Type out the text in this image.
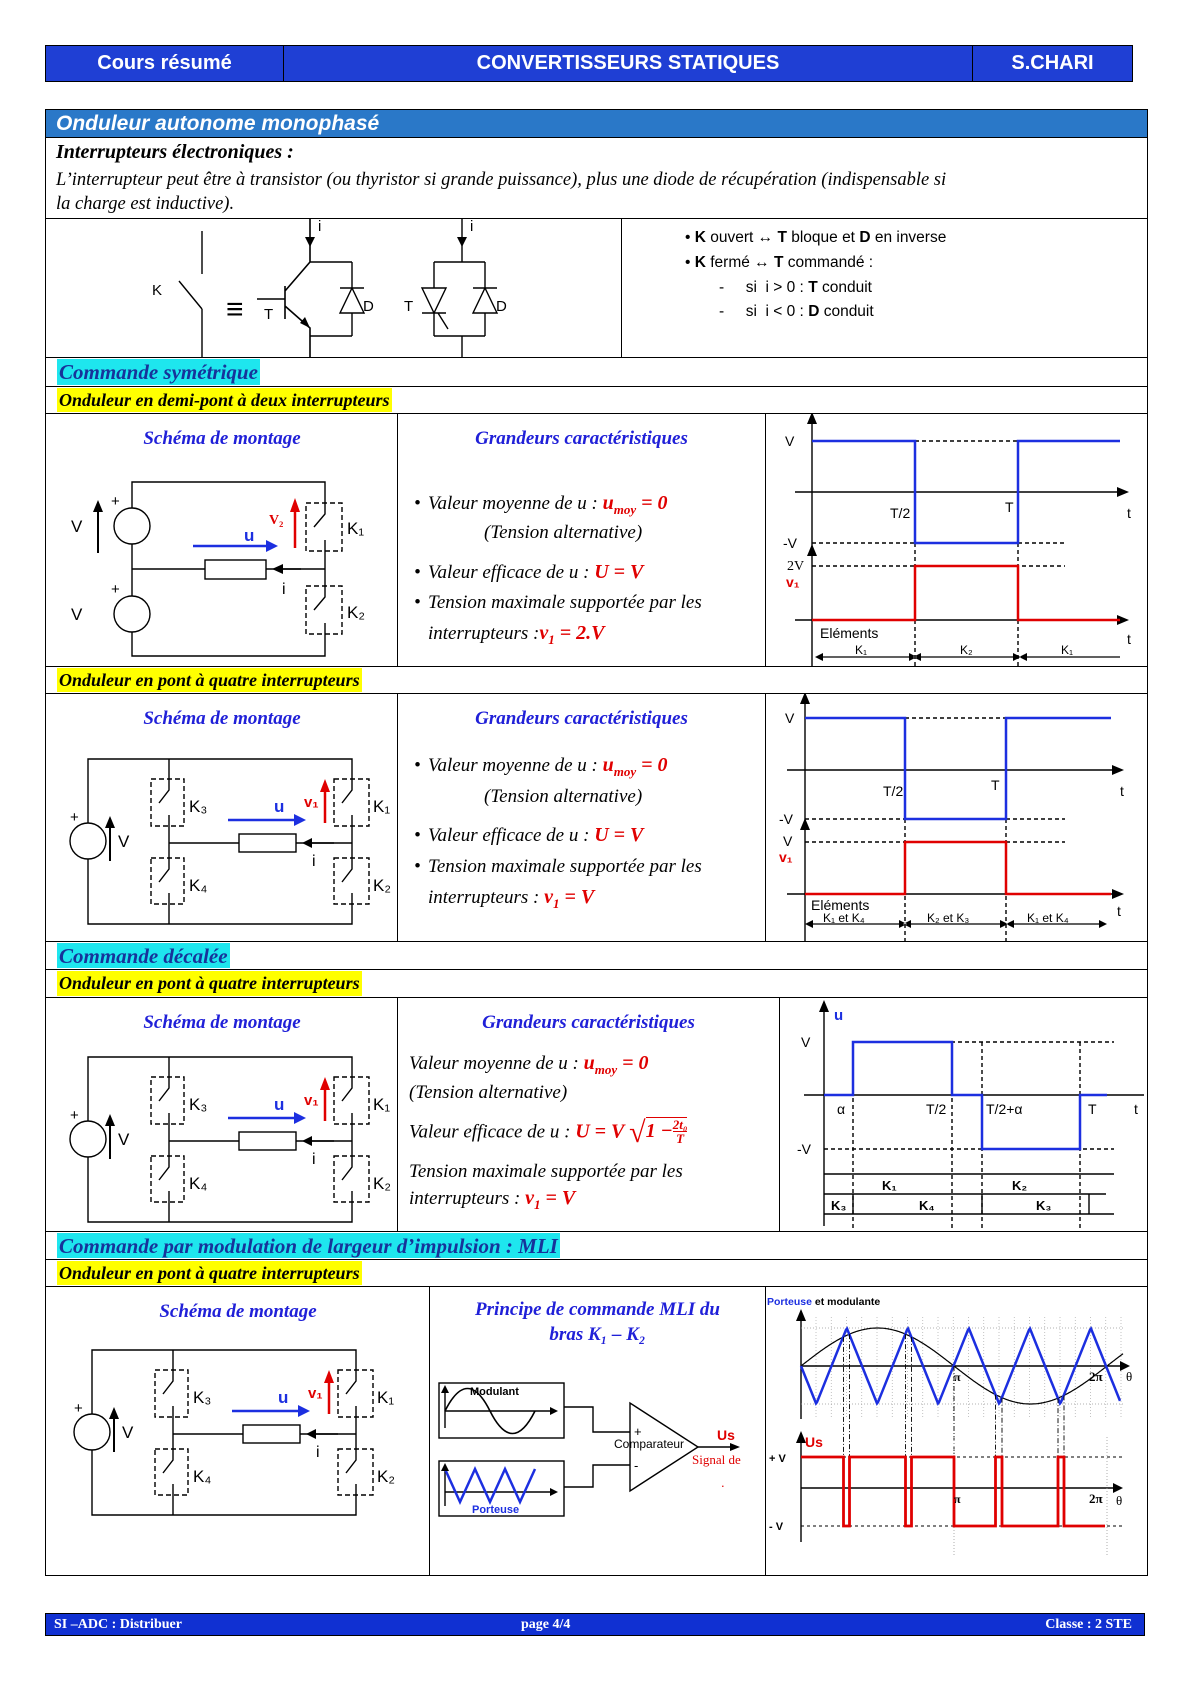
Cours résumé	CONVERTISSEURS STATIQUES	S.CHARI
Onduleur autonome monophasé
Interrupteurs électroniques :
L’interrupteur peut être à transistor (ou thyristor si grande puissance), plus une diode de récupération (indispensable si
la charge est inductive).
K
≡ T	D
i
T	D
i
• K ouvert ↔ T bloque et D en inverse
• K fermé ↔ T commandé :
- si  i > 0 : T conduit
- si  i < 0 : D conduit
Commande symétrique
Onduleur en demi-pont à deux interrupteurs
Schéma de montage
V
V
+
+
u
i
V₂	K₁
K₂
Grandeurs caractéristiques
• Valeur moyenne de u : $u_{moy} = 0$
(Tension alternative)
• Valeur efficace de u : U = V
• Tension maximale supportée par les
interrupteurs $:v_1 = 2.V$
V
T/2	T	t
-V
2V
v₁
t
Eléments
K₁	K₂	K₁
Onduleur en pont à quatre interrupteurs
Schéma de montage
V
+
u
i
v₁
K₃
K₄
K₁
K₂
Grandeurs caractéristiques
• Valeur moyenne de u : $u_{moy} = 0$
(Tension alternative)
• Valeur efficace de u : U = V
• Tension maximale supportée par les
interrupteurs : $v_1 = V$
V
T/2	T	t
-V
V
v₁
t
Eléments
K₁ et K₄	K₂ et K₃	K₁ et K₄
Commande décalée
Onduleur en pont à quatre interrupteurs
Schéma de montage
V
+
u
i
v₁
K₃
K₄
K₁
K₂
Grandeurs caractéristiques
Valeur moyenne de u : $u_{moy} = 0$
(Tension alternative)
Valeur efficace de u : U = V √ $1 - \frac{\text{2t₀}}{T}$
Tension maximale supportée par les
interrupteurs : $v_1 = V$
u
V
α	T/2	T/2+α	T	t
-V
K₁	K₂
K₃	K₄	K₃
Commande par modulation de largeur d’impulsion : MLI
Onduleur en pont à quatre interrupteurs
Schéma de montage
V
+
u
i
v₁
K₃
K₄
K₁
K₂
Principe de commande MLI du
bras K₁ – K₂
Modulant
Porteuse
Comparateur
+
-
Us
Signal de
.
Porteuse et modulante
π	2π θ
Us
+ V
- V
π	2π θ
SI –ADC : Distribuer	page 4/4	Classe : 2 STE
